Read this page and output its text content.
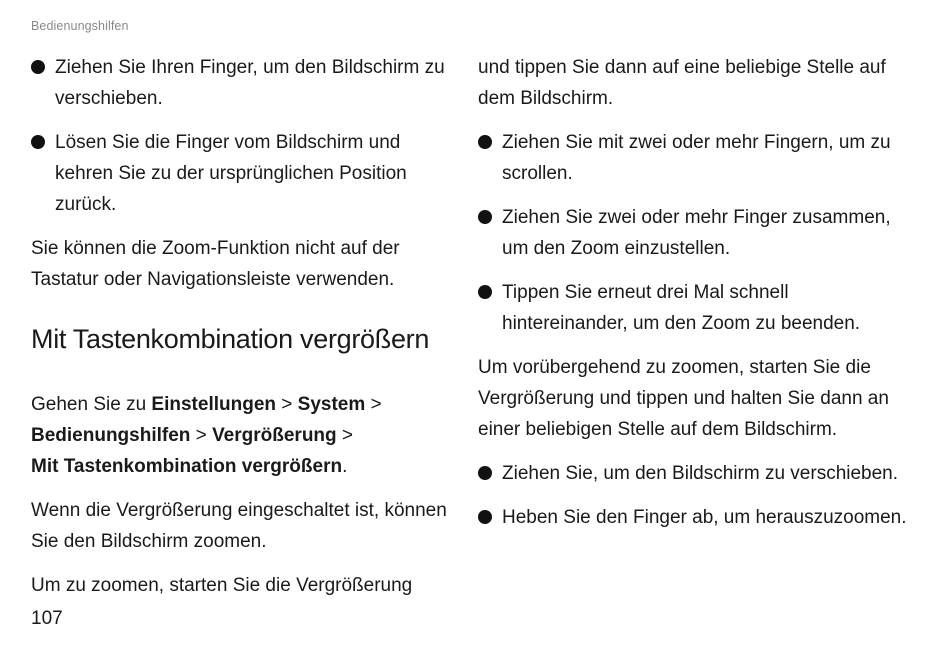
Bedienungshilfen
Ziehen Sie Ihren Finger, um den Bildschirm zu verschieben.
Lösen Sie die Finger vom Bildschirm und kehren Sie zu der ursprünglichen Position zurück.
Sie können die Zoom-Funktion nicht auf der Tastatur oder Navigationsleiste verwenden.
Mit Tastenkombination vergrößern
Gehen Sie zu Einstellungen > System >
Bedienungshilfen > Vergrößerung >
Mit Tastenkombination vergrößern.
Wenn die Vergrößerung eingeschaltet ist, können Sie den Bildschirm zoomen.
Um zu zoomen, starten Sie die Vergrößerung
und tippen Sie dann auf eine beliebige Stelle auf dem Bildschirm.
Ziehen Sie mit zwei oder mehr Fingern, um zu scrollen.
Ziehen Sie zwei oder mehr Finger zusammen, um den Zoom einzustellen.
Tippen Sie erneut drei Mal schnell hintereinander, um den Zoom zu beenden.
Um vorübergehend zu zoomen, starten Sie die Vergrößerung und tippen und halten Sie dann an einer beliebigen Stelle auf dem Bildschirm.
Ziehen Sie, um den Bildschirm zu verschieben.
Heben Sie den Finger ab, um herauszuzoomen.
107
